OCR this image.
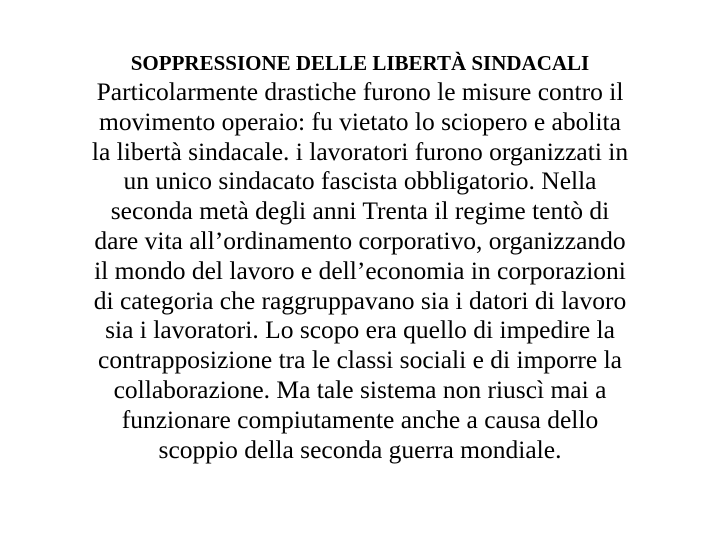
SOPPRESSIONE DELLE LIBERTÀ SINDACALI
Particolarmente drastiche furono le misure contro il
movimento operaio: fu vietato lo sciopero e abolita
la libertà sindacale. i lavoratori furono organizzati in
un unico sindacato fascista obbligatorio. Nella
seconda metà degli anni Trenta il regime tentò di
dare vita all’ordinamento corporativo, organizzando
il mondo del lavoro e dell’economia in corporazioni
di categoria che raggruppavano sia i datori di lavoro
sia i lavoratori. Lo scopo era quello di impedire la
contrapposizione tra le classi sociali e di imporre la
collaborazione. Ma tale sistema non riuscì mai a
funzionare compiutamente anche a causa dello
scoppio della seconda guerra mondiale.
